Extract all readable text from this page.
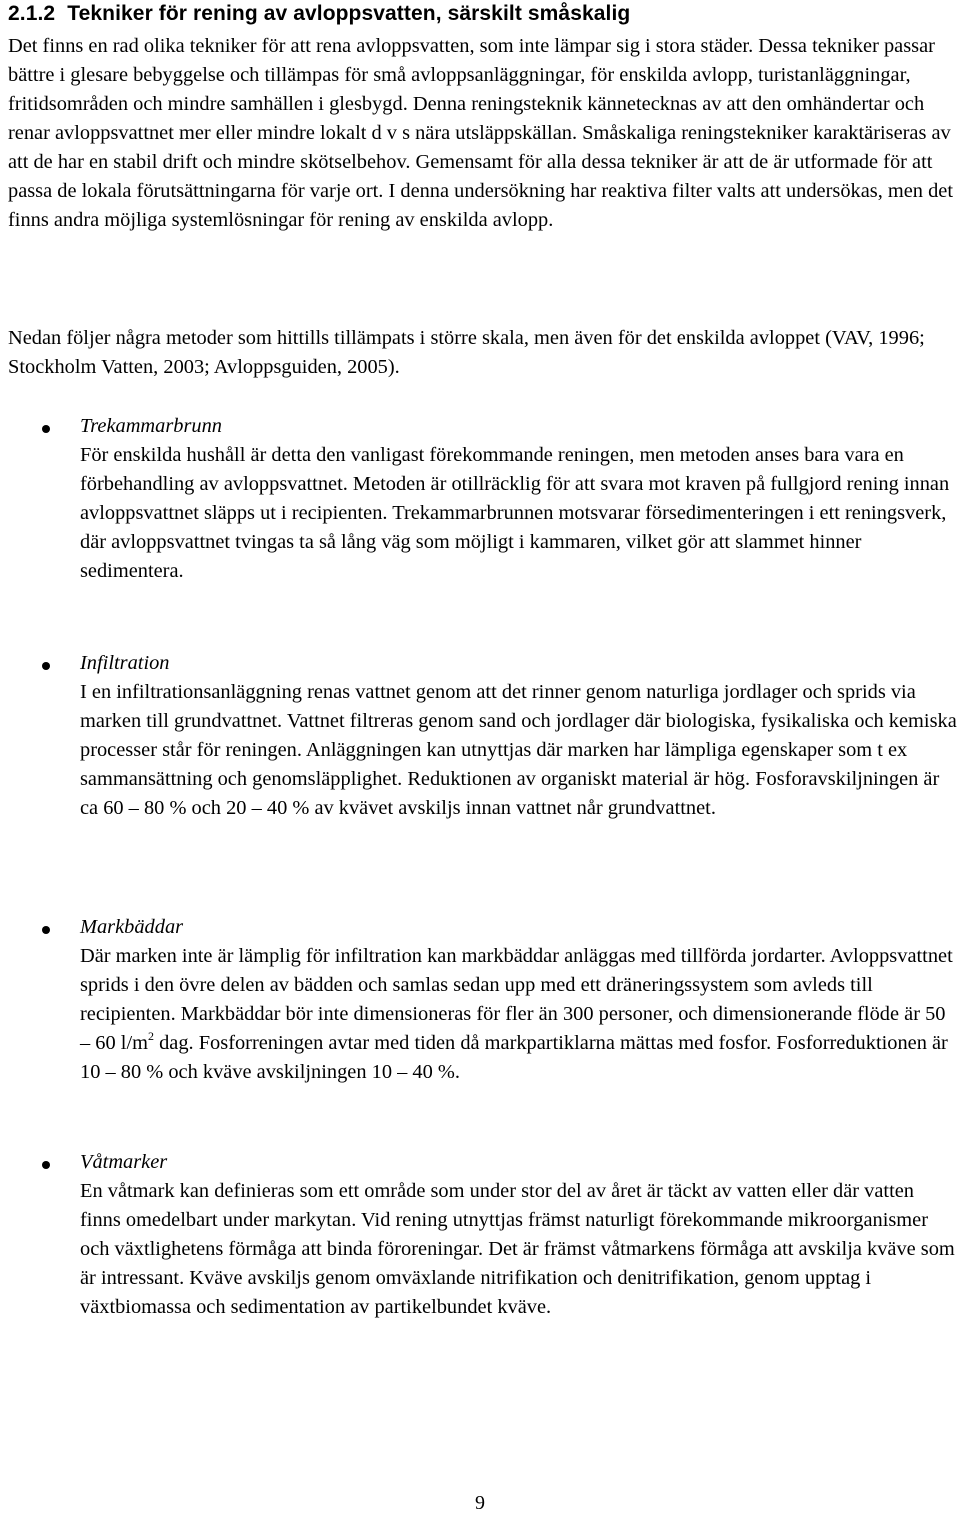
2.1.2 Tekniker för rening av avloppsvatten, särskilt småskalig

Det finns en rad olika tekniker för att rena avloppsvatten, som inte lämpar sig i stora städer. Dessa tekniker passar bättre i glesare bebyggelse och tillämpas för små avloppsanläggningar, för enskilda avlopp, turistanläggningar, fritidsområden och mindre samhällen i glesbygd. Denna reningsteknik kännetecknas av att den omhändertar och renar avloppsvattnet mer eller mindre lokalt d v s nära utsläppskällan. Småskaliga reningstekniker karaktäriseras av att de har en stabil drift och mindre skötselbehov. Gemensamt för alla dessa tekniker är att de är utformade för att passa de lokala förutsättningarna för varje ort. I denna undersökning har reaktiva filter valts att undersökas, men det finns andra möjliga systemlösningar för rening av enskilda avlopp.

Nedan följer några metoder som hittills tillämpats i större skala, men även för det enskilda avloppet (VAV, 1996; Stockholm Vatten, 2003; Avloppsguiden, 2005).

Trekammarbrunn
För enskilda hushåll är detta den vanligast förekommande reningen, men metoden anses bara vara en förbehandling av avloppsvattnet. Metoden är otillräcklig för att svara mot kraven på fullgjord rening innan avloppsvattnet släpps ut i recipienten. Trekammarbrunnen motsvarar försedimenteringen i ett reningsverk, där avloppsvattnet tvingas ta så lång väg som möjligt i kammaren, vilket gör att slammet hinner sedimentera.
Infiltration
I en infiltrationsanläggning renas vattnet genom att det rinner genom naturliga jordlager och sprids via marken till grundvattnet. Vattnet filtreras genom sand och jordlager där biologiska, fysikaliska och kemiska processer står för reningen. Anläggningen kan utnyttjas där marken har lämpliga egenskaper som t ex sammansättning och genomsläpplighet. Reduktionen av organiskt material är hög. Fosforavskiljningen är ca 60 – 80 % och 20 – 40 % av kvävet avskiljs innan vattnet når grundvattnet.
Markbäddar
Där marken inte är lämplig för infiltration kan markbäddar anläggas med tillförda jordarter. Avloppsvattnet sprids i den övre delen av bädden och samlas sedan upp med ett dräneringssystem som avleds till recipienten. Markbäddar bör inte dimensioneras för fler än 300 personer, och dimensionerande flöde är 50 – 60 $l/m^2$ dag. Fosforreningen avtar med tiden då markpartiklarna mättas med fosfor. Fosforreduktionen är 10 – 80 % och kväve avskiljningen 10 – 40 %.
Våtmarker
En våtmark kan definieras som ett område som under stor del av året är täckt av vatten eller där vatten finns omedelbart under markytan. Vid rening utnyttjas främst naturligt förekommande mikroorganismer och växtlighetens förmåga att binda föroreningar. Det är främst våtmarkens förmåga att avskilja kväve som är intressant. Kväve avskiljs genom omväxlande nitrifikation och denitrifikation, genom upptag i växtbiomassa och sedimentation av partikelbundet kväve.
9
